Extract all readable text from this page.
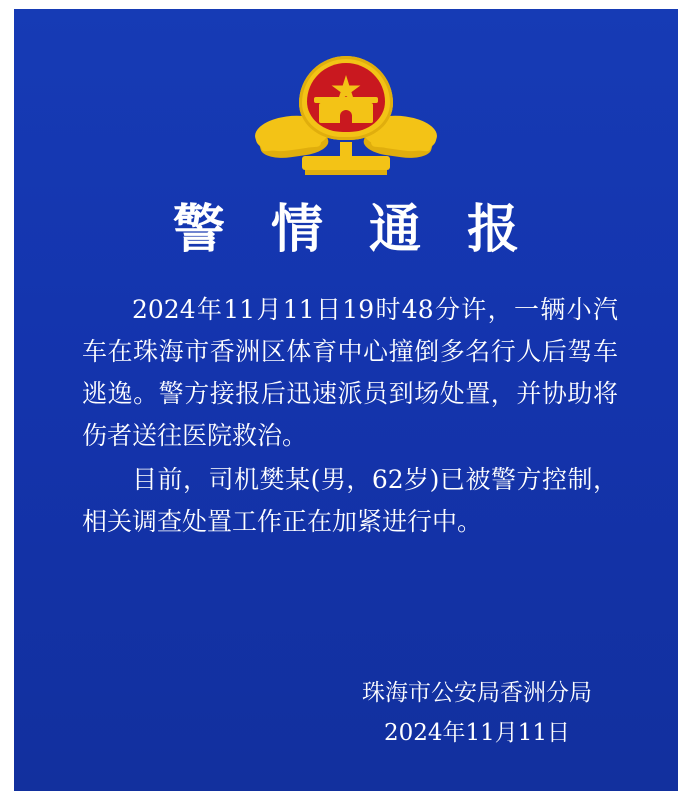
警 情 通 报

2024年11月11日19时48分许，一辆小汽车在珠海市香洲区体育中心撞倒多名行人后驾车逃逸。警方接报后迅速派员到场处置，并协助将伤者送往医院救治。

目前，司机樊某(男，62岁)已被警方控制，相关调查处置工作正在加紧进行中。

珠海市公安局香洲分局
2024年11月11日
